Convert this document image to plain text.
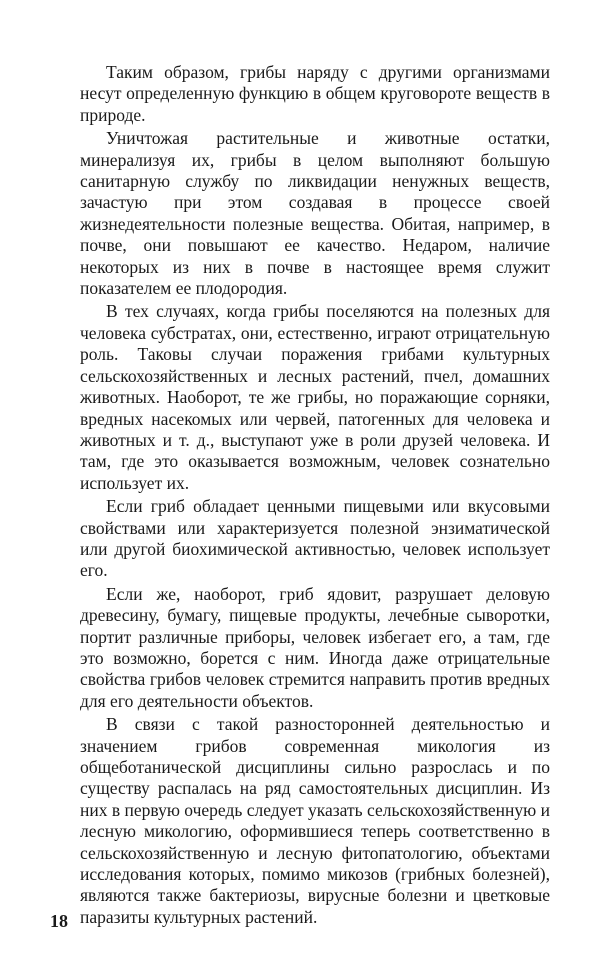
Таким образом, грибы наряду с другими организмами несут определенную функцию в общем круговороте веществ в природе.

Уничтожая растительные и животные остатки, минерализуя их, грибы в целом выполняют большую санитарную службу по ликвидации ненужных веществ, зачастую при этом создавая в процессе своей жизнедеятельности полезные вещества. Обитая, например, в почве, они повышают ее качество. Недаром, наличие некоторых из них в почве в настоящее время служит показателем ее плодородия.

В тех случаях, когда грибы поселяются на полезных для человека субстратах, они, естественно, играют отрицательную роль. Таковы случаи поражения грибами культурных сельскохозяйственных и лесных растений, пчел, домашних животных. Наоборот, те же грибы, но поражающие сорняки, вредных насекомых или червей, патогенных для человека и животных и т. д., выступают уже в роли друзей человека. И там, где это оказывается возможным, человек сознательно использует их.

Если гриб обладает ценными пищевыми или вкусовыми свойствами или характеризуется полезной энзиматической или другой биохимической активностью, человек использует его.

Если же, наоборот, гриб ядовит, разрушает деловую древесину, бумагу, пищевые продукты, лечебные сыворотки, портит различные приборы, человек избегает его, а там, где это возможно, борется с ним. Иногда даже отрицательные свойства грибов человек стремится направить против вредных для его деятельности объектов.

В связи с такой разносторонней деятельностью и значением грибов современная микология из общеботанической дисциплины сильно разрослась и по существу распалась на ряд самостоятельных дисциплин. Из них в первую очередь следует указать сельскохозяйственную и лесную микологию, оформившиеся теперь соответственно в сельскохозяйственную и лесную фитопатологию, объектами исследования которых, помимо микозов (грибных болезней), являются также бактериозы, вирусные болезни и цветковые паразиты культурных растений.

18
